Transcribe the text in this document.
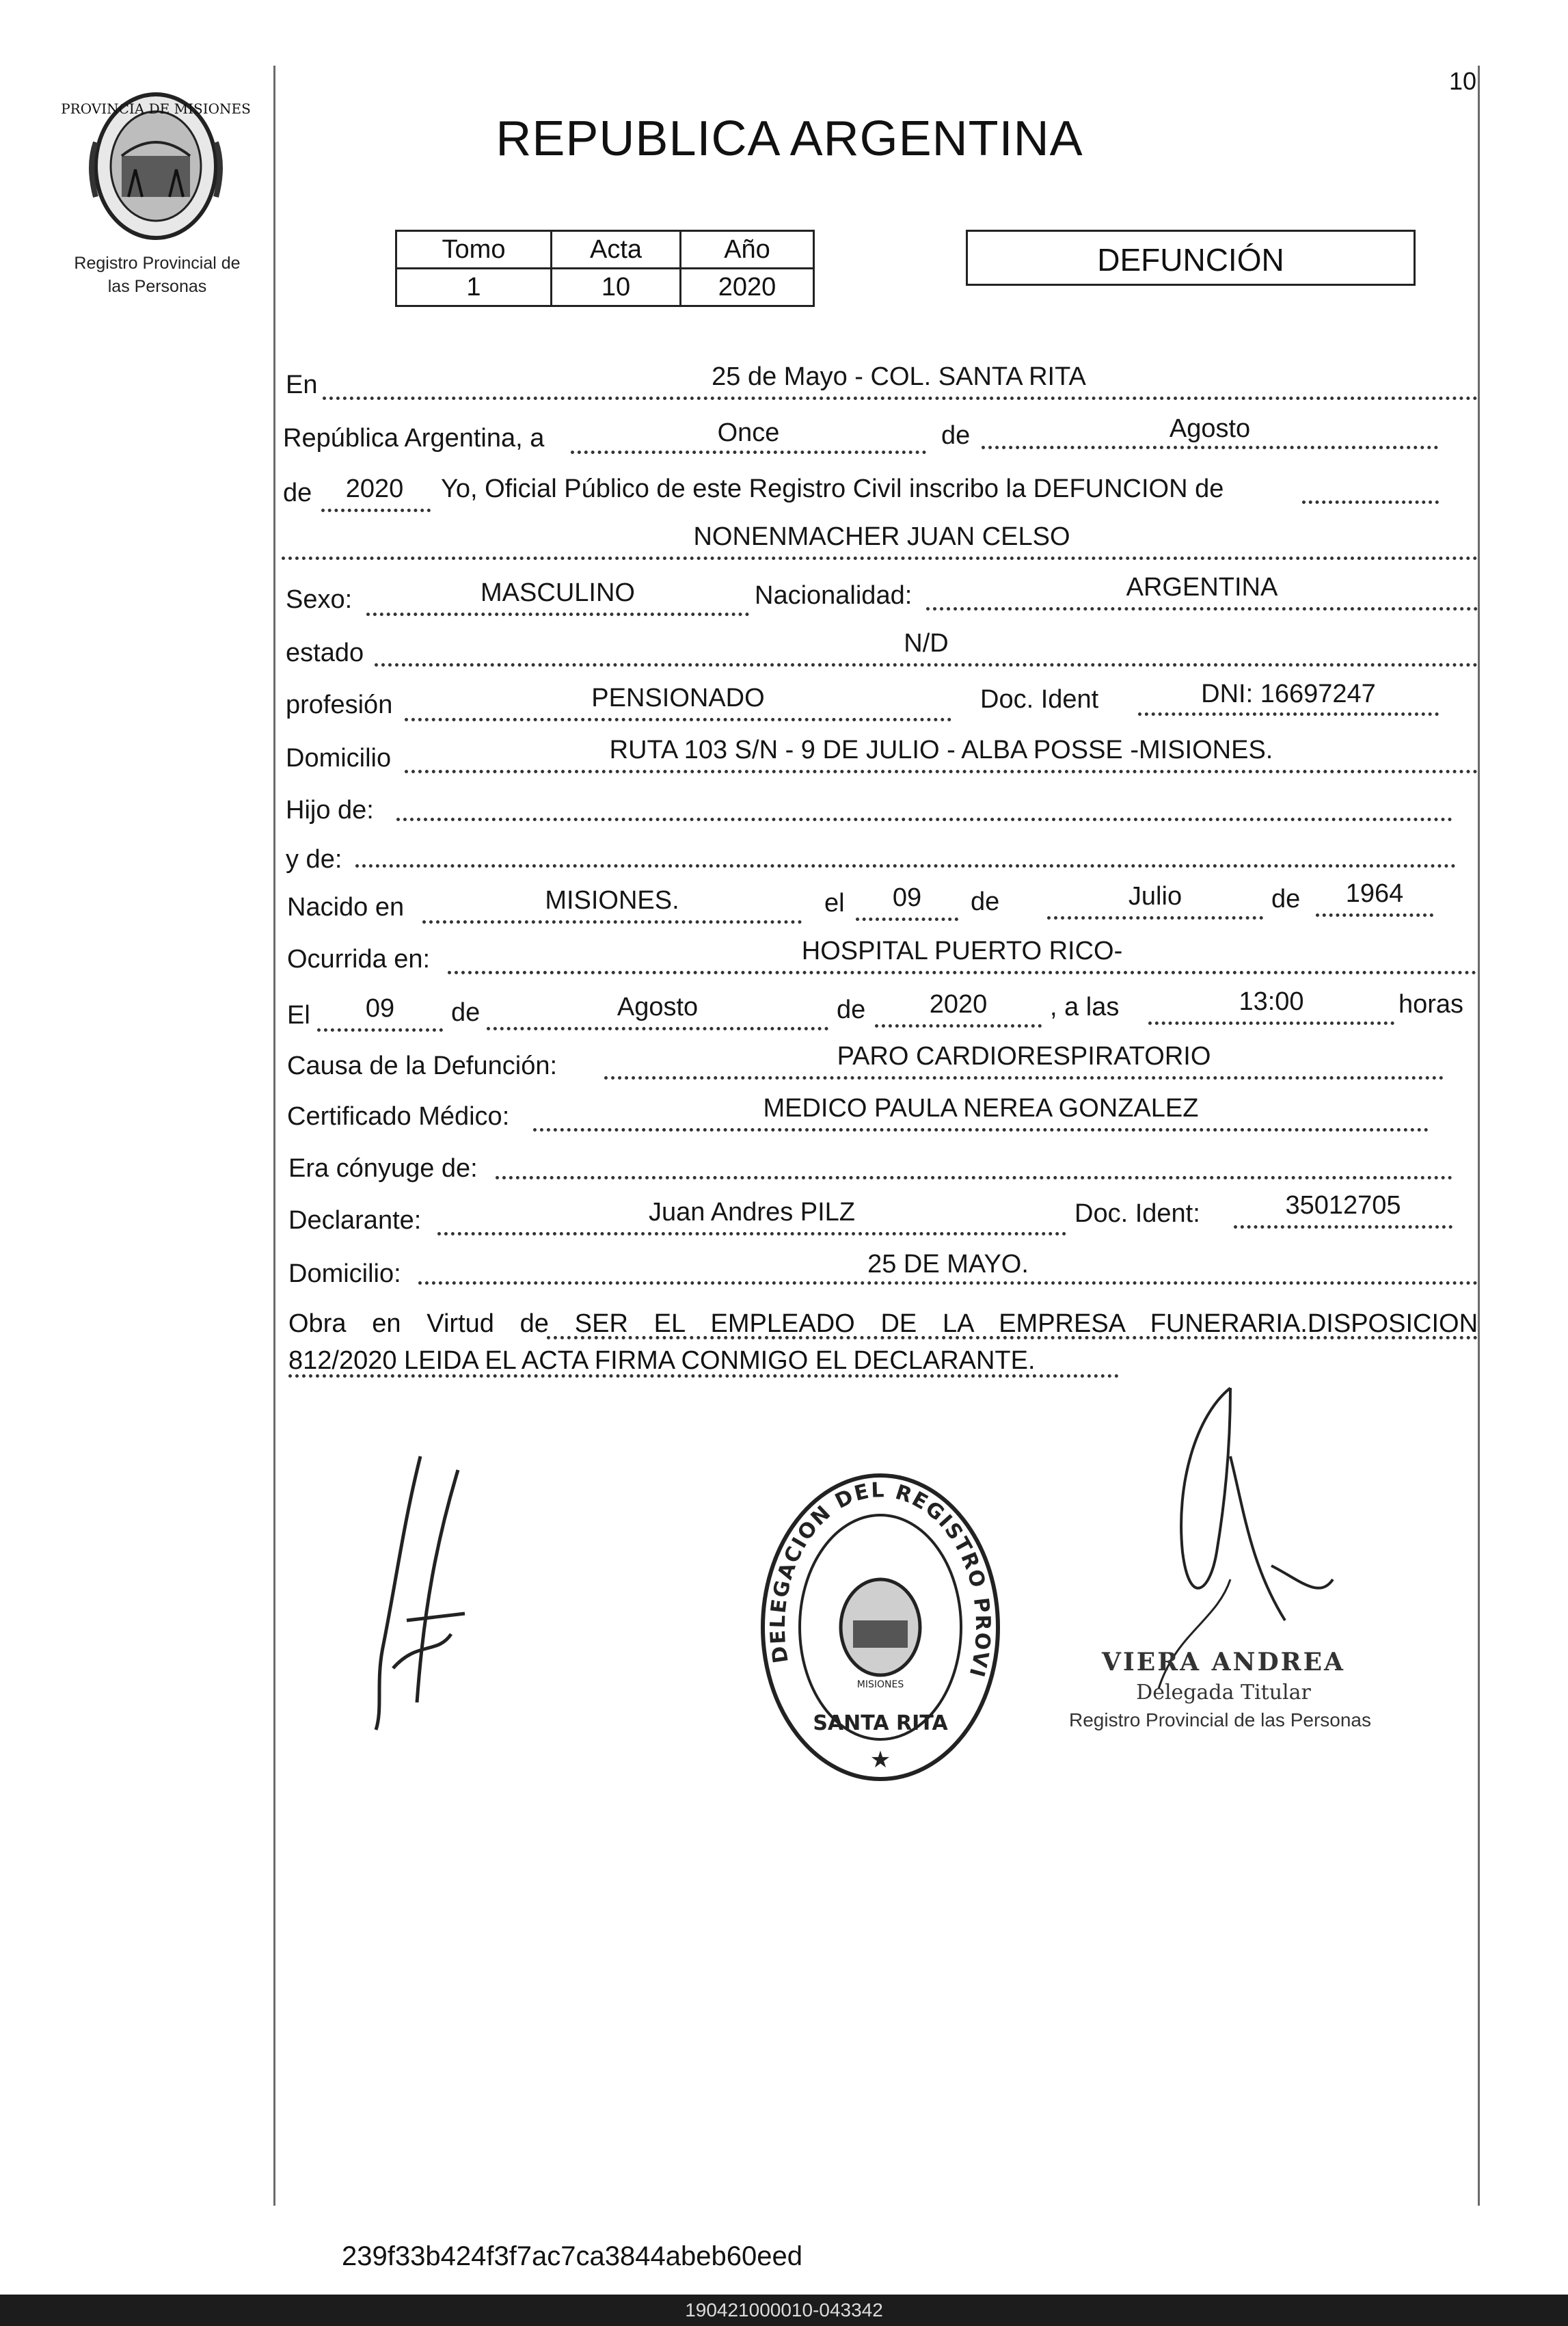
PROVINCIA DE MISIONES
Registro Provincial de
las Personas
10
REPUBLICA ARGENTINA
Tomo	Acta	Año
1	10	2020
DEFUNCIÓN
En	25 de Mayo - COL. SANTA RITA
República Argentina, a	Once	de	Agosto
de	2020	Yo, Oficial Público de este Registro Civil inscribo la DEFUNCION de
NONENMACHER JUAN CELSO
Sexo:	MASCULINO	Nacionalidad:	ARGENTINA
estado	N/D
profesión	PENSIONADO	Doc. Ident	DNI: 16697247
Domicilio	RUTA 103 S/N - 9 DE JULIO - ALBA POSSE -MISIONES.
Hijo de:
y de:
Nacido en	MISIONES.	el	09	de	Julio	de	1964
Ocurrida en:	HOSPITAL PUERTO RICO-
El	09	de	Agosto	de	2020	, a las	13:00	horas
Causa de la Defunción:	PARO CARDIORESPIRATORIO
Certificado Médico:	MEDICO PAULA NEREA GONZALEZ
Era cónyuge de:
Declarante:	Juan Andres PILZ	Doc. Ident:	35012705
Domicilio:	25 DE MAYO.
Obra en Virtud de SER EL EMPLEADO DE LA EMPRESA FUNERARIA.DISPOSICION
812/2020 LEIDA EL ACTA FIRMA CONMIGO EL DECLARANTE.
DELEGACION DEL REGISTRO PROVI
MISIONES
SANTA RITA
★
VIERA ANDREA
Delegada Titular
Registro Provincial de las Personas
239f33b424f3f7ac7ca3844abeb60eed
190421000010-043342
